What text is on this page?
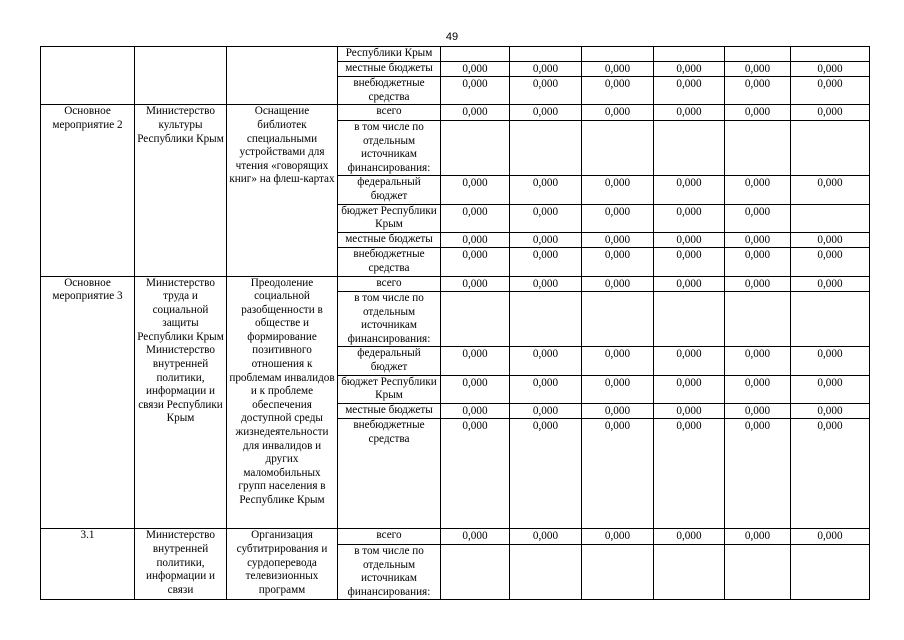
49
			Республики Крым						
			местные бюджеты	0,000	0,000	0,000	0,000	0,000	0,000
			внебюджетные средства	0,000	0,000	0,000	0,000	0,000	0,000
Основное мероприятие 2	Министерство культуры Республики Крым	Оснащение библиотек специальными устройствами для чтения «говорящих книг» на флеш-картах	всего	0,000	0,000	0,000	0,000	0,000	0,000
			в том числе по отдельным источникам финансирования:						
			федеральный бюджет	0,000	0,000	0,000	0,000	0,000	0,000
			бюджет Республики Крым	0,000	0,000	0,000	0,000	0,000	
			местные бюджеты	0,000	0,000	0,000	0,000	0,000	0,000
			внебюджетные средства	0,000	0,000	0,000	0,000	0,000	0,000
Основное мероприятие 3	Министерство труда и социальной защиты Республики Крым Министерство внутренней политики, информации и связи Республики Крым	Преодоление социальной разобщенности в обществе и формирование позитивного отношения к проблемам инвалидов и к проблеме обеспечения доступной среды жизнедеятельности для инвалидов и других маломобильных групп населения в Республике Крым	всего	0,000	0,000	0,000	0,000	0,000	0,000
			в том числе по отдельным источникам финансирования:						
			федеральный бюджет	0,000	0,000	0,000	0,000	0,000	0,000
			бюджет Республики Крым	0,000	0,000	0,000	0,000	0,000	0,000
			местные бюджеты	0,000	0,000	0,000	0,000	0,000	0,000
			внебюджетные средства	0,000	0,000	0,000	0,000	0,000	0,000
3.1	Министерство внутренней политики, информации и связи	Организация субтитрирования и сурдоперевода телевизионных программ	всего	0,000	0,000	0,000	0,000	0,000	0,000
			в том числе по отдельным источникам финансирования:						
